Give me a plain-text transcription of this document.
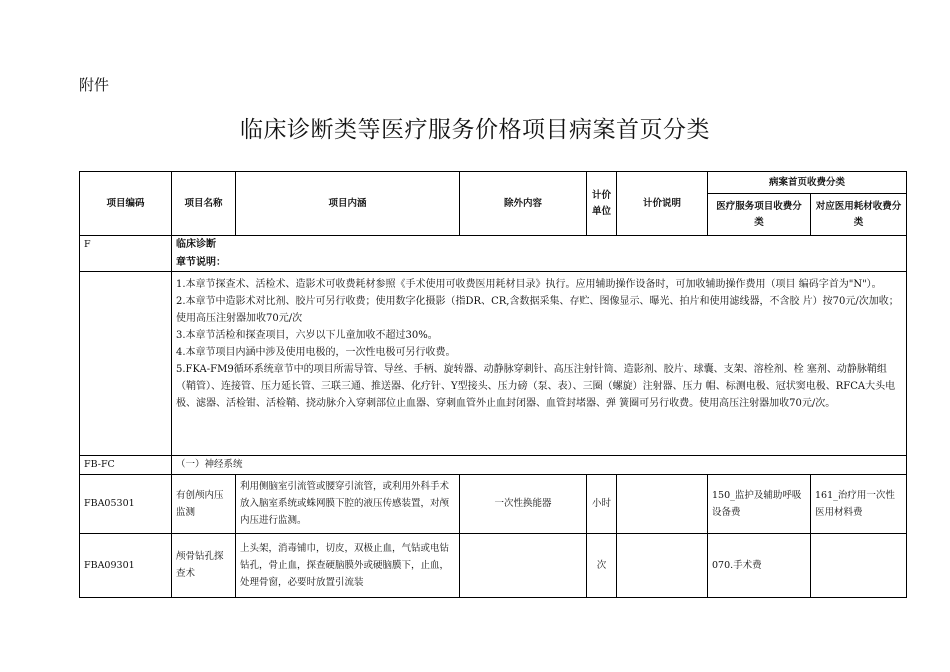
附件
临床诊断类等医疗服务价格项目病案首页分类
项目编码	项目名称	项目内涵	除外内容	计价单位	计价说明	病案首页收费分类	
						医疗服务项目收费分类	对应医用耗材收费分类
F	临床诊断						
	章节说明：						

	1.本章节探查术、活检术、造影术可收费耗材参照《手术使用可收费医用耗材目录》执行。应用辅助操作设备时，可加收辅助操作费用（项目 编码字首为"N"）。
2.本章节中造影术对比剂、胶片可另行收费；使用数字化摄影（指DR、CR,含数据采集、存贮、图像显示、曝光、拍片和使用滤线器，不含胶 片）按70元/次加收；使用高压注射器加收70元/次
3.本章节活检和探查项目，六岁以下儿童加收不超过30%。
4.本章节项目内涵中涉及使用电极的，一次性电极可另行收费。
5.FKA-FM9循环系统章节中的项目所需导管、导丝、手柄、旋转器、动静脉穿刺针、高压注射针筒、造影剂、胶片、球囊、支架、溶栓剂、栓 塞剂、动静脉鞘组（鞘管）、连接管、压力延长管、三联三通、推送器、化疗针、Y型接头、压力磅（泵、表）、三圈（螺旋）注射器、压力 帽、标测电极、冠状窦电极、RFCA大头电极、滤器、活检钳、活检鞘、挠动脉介入穿刺部位止血器、穿刺血管外止血封闭器、血管封堵器、弹 簧圈可另行收费。使用高压注射器加收70元/次。						

FB-FC	（一）神经系统						
FBA05301	有创颅内压 监测	利用侧脑室引流管或腰穿引流管，或利用外科手术放入脑室系统或蛛网膜下腔的液压传感装置，对颅内压进行监测。	一次性换能器	小时		150_监护及辅助呼吸设备费	161_治疗用一次性医用材料费
FBA09301	颅骨钻孔探 查术	上头架，消毒铺巾，切皮，双极止血，气钻或电钻钻孔，骨止血，探查硬脑膜外或硬脑膜下，止血，处理骨窗，必要时放置引流装		次		070.手术费	
